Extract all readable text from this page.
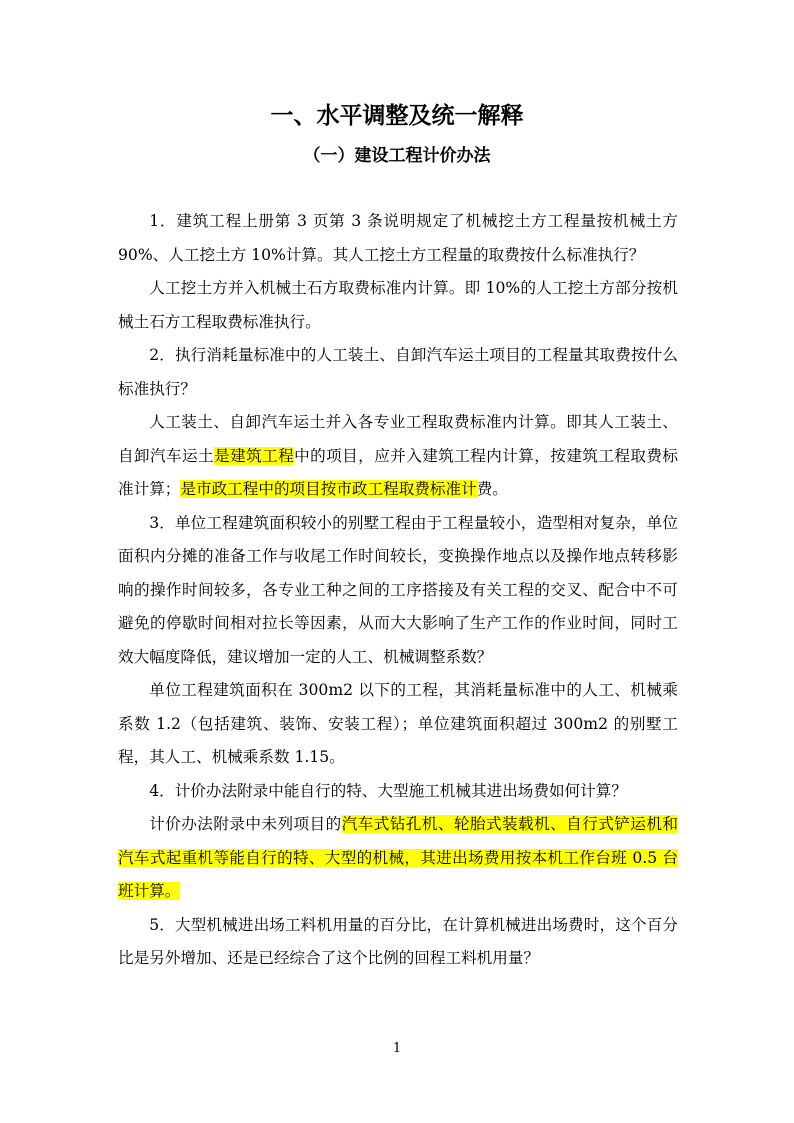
一、水平调整及统一解释
（一）建设工程计价办法

1．建筑工程上册第 3 页第 3 条说明规定了机械挖土方工程量按机械土方 90%、人工挖土方 10%计算。其人工挖土方工程量的取费按什么标准执行？

人工挖土方并入机械土石方取费标准内计算。即 10%的人工挖土方部分按机械土石方工程取费标准执行。

2．执行消耗量标准中的人工装土、自卸汽车运土项目的工程量其取费按什么标准执行？

人工装土、自卸汽车运土并入各专业工程取费标准内计算。即其人工装土、自卸汽车运土是建筑工程中的项目，应并入建筑工程内计算，按建筑工程取费标准计算；是市政工程中的项目按市政工程取费标准计费。

3．单位工程建筑面积较小的别墅工程由于工程量较小，造型相对复杂，单位面积内分摊的准备工作与收尾工作时间较长，变换操作地点以及操作地点转移影响的操作时间较多，各专业工种之间的工序搭接及有关工程的交叉、配合中不可避免的停歇时间相对拉长等因素，从而大大影响了生产工作的作业时间，同时工效大幅度降低，建议增加一定的人工、机械调整系数？

单位工程建筑面积在 300m2 以下的工程，其消耗量标准中的人工、机械乘系数 1.2（包括建筑、装饰、安装工程）；单位建筑面积超过 300m2 的别墅工程，其人工、机械乘系数 1.15。

4．计价办法附录中能自行的特、大型施工机械其进出场费如何计算？

计价办法附录中未列项目的汽车式钻孔机、轮胎式装载机、自行式铲运机和汽车式起重机等能自行的特、大型的机械，其进出场费用按本机工作台班 0.5 台班计算。

5．大型机械进出场工料机用量的百分比，在计算机械进出场费时，这个百分比是另外增加、还是已经综合了这个比例的回程工料机用量？

1
